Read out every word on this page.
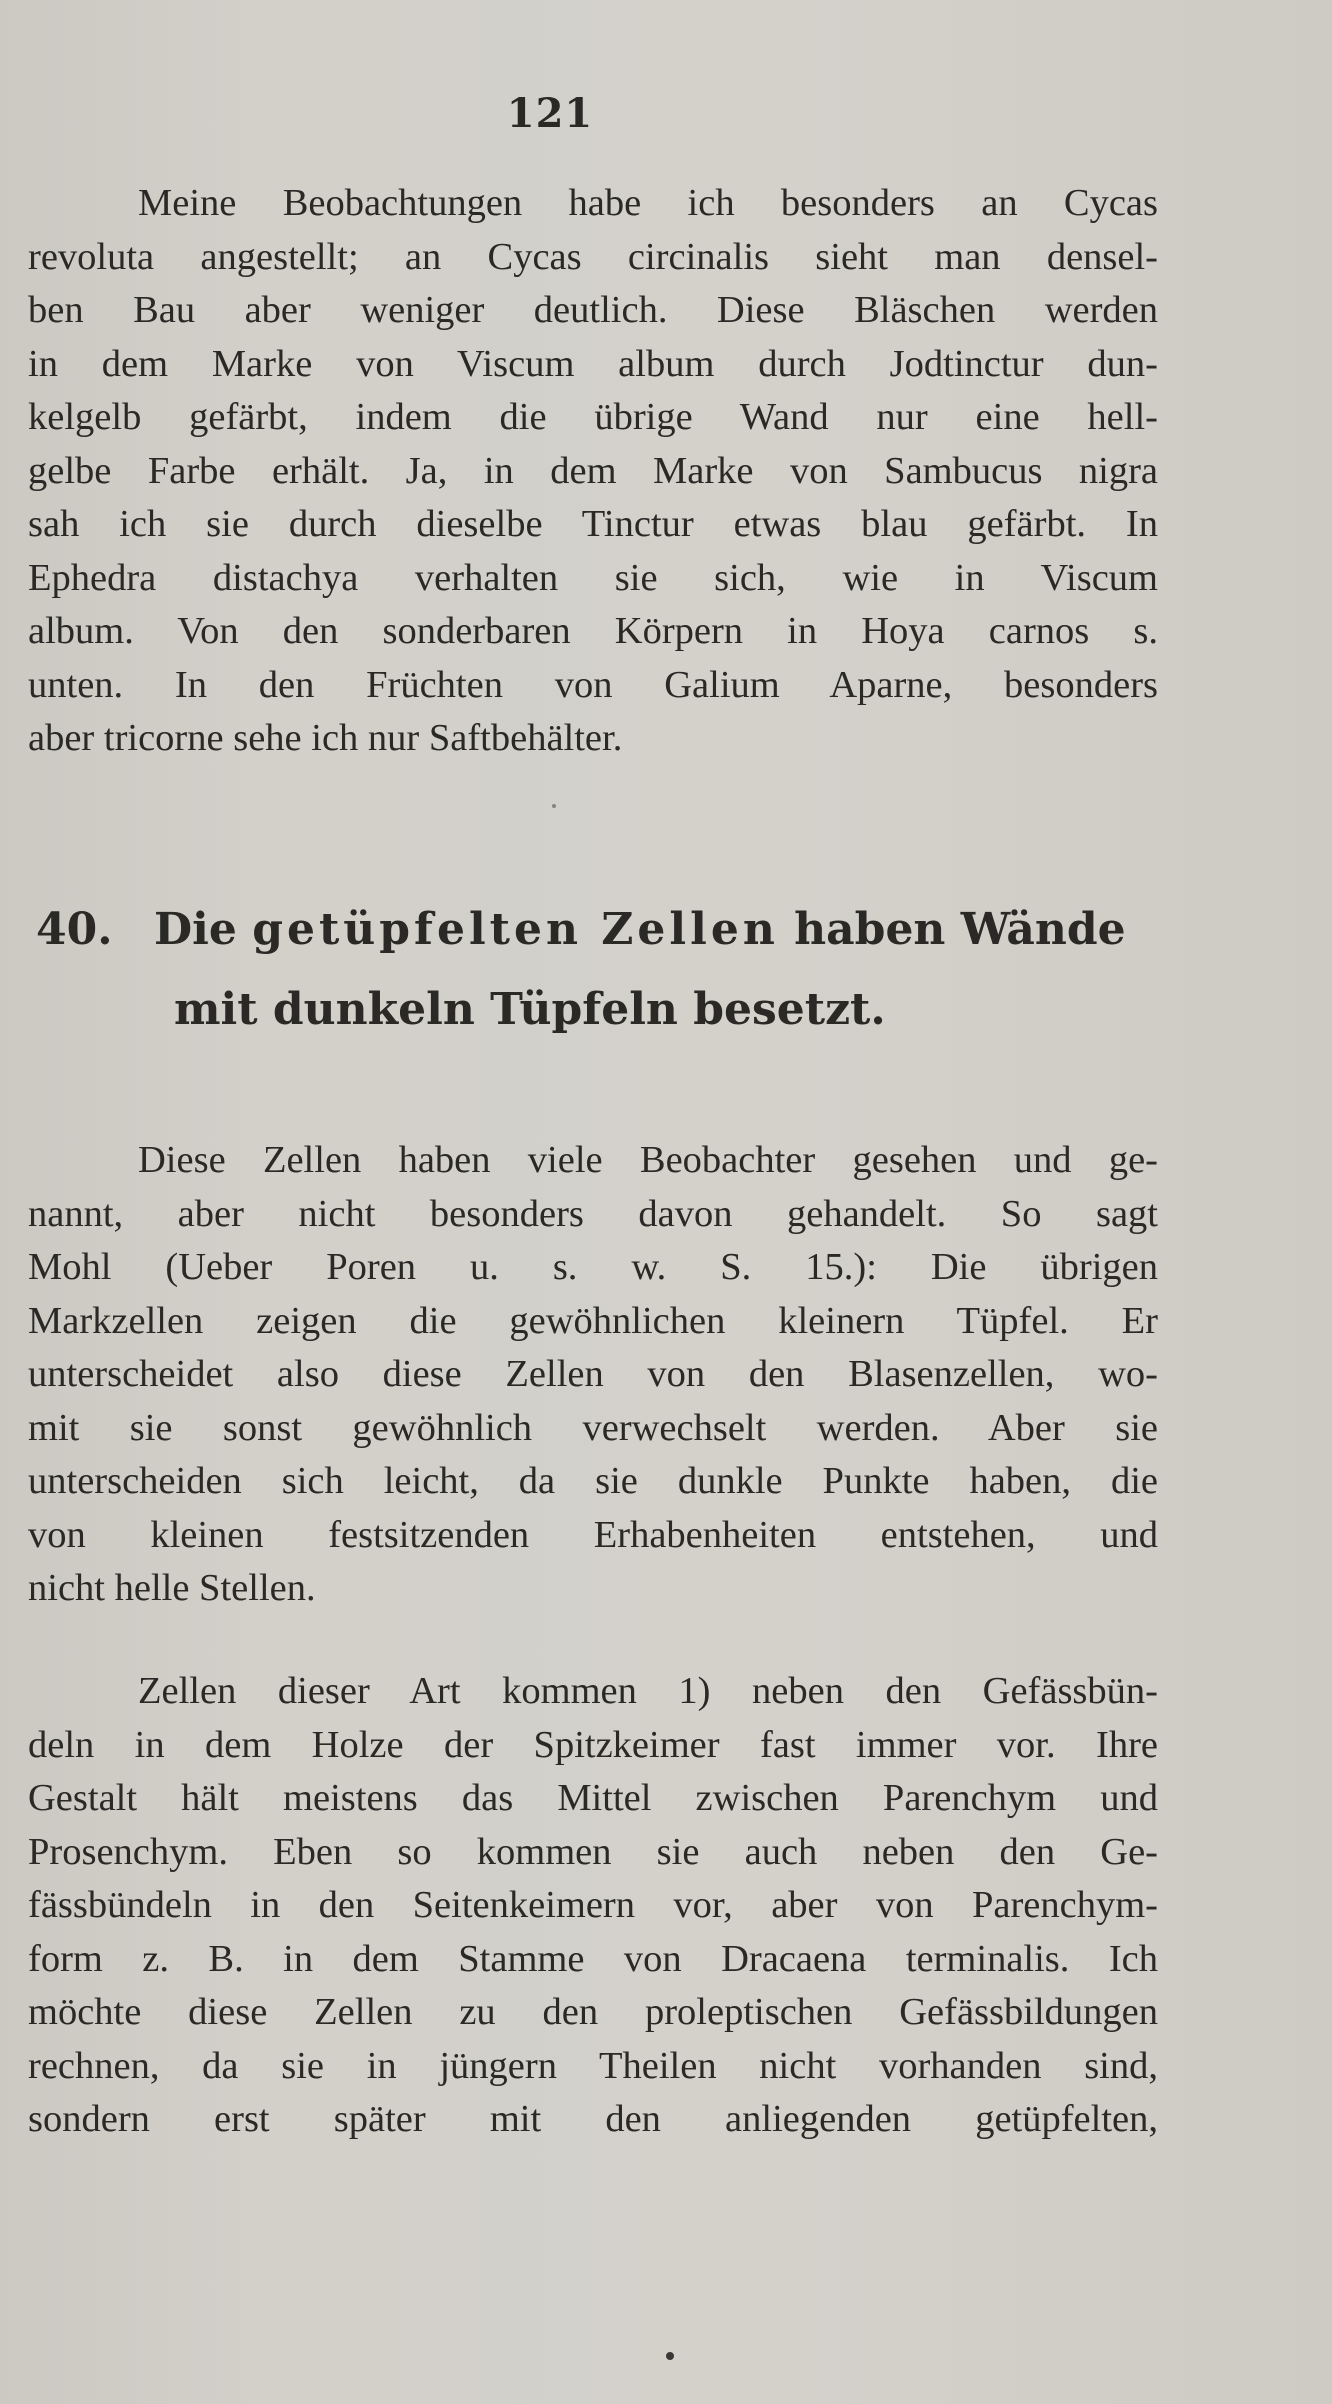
121
Meine Beobachtungen habe ich besonders an Cycas
revoluta angestellt; an Cycas circinalis sieht man densel-
ben Bau aber weniger deutlich. Diese Bläschen werden
in dem Marke von Viscum album durch Jodtinctur dun-
kelgelb gefärbt, indem die übrige Wand nur eine hell-
gelbe Farbe erhält. Ja, in dem Marke von Sambucus nigra
sah ich sie durch dieselbe Tinctur etwas blau gefärbt. In
Ephedra distachya verhalten sie sich, wie in Viscum
album. Von den sonderbaren Körpern in Hoya carnos s.
unten. In den Früchten von Galium Aparne, besonders
aber tricorne sehe ich nur Saftbehälter.
40. Die getüpfelten Zellen haben Wände
mit dunkeln Tüpfeln besetzt.
Diese Zellen haben viele Beobachter gesehen und ge-
nannt, aber nicht besonders davon gehandelt. So sagt
Mohl (Ueber Poren u. s. w. S. 15.): Die übrigen
Markzellen zeigen die gewöhnlichen kleinern Tüpfel. Er
unterscheidet also diese Zellen von den Blasenzellen, wo-
mit sie sonst gewöhnlich verwechselt werden. Aber sie
unterscheiden sich leicht, da sie dunkle Punkte haben, die
von kleinen festsitzenden Erhabenheiten entstehen, und
nicht helle Stellen.
Zellen dieser Art kommen 1) neben den Gefässbün-
deln in dem Holze der Spitzkeimer fast immer vor. Ihre
Gestalt hält meistens das Mittel zwischen Parenchym und
Prosenchym. Eben so kommen sie auch neben den Ge-
fässbündeln in den Seitenkeimern vor, aber von Parenchym-
form z. B. in dem Stamme von Dracaena terminalis. Ich
möchte diese Zellen zu den proleptischen Gefässbildungen
rechnen, da sie in jüngern Theilen nicht vorhanden sind,
sondern erst später mit den anliegenden getüpfelten,
